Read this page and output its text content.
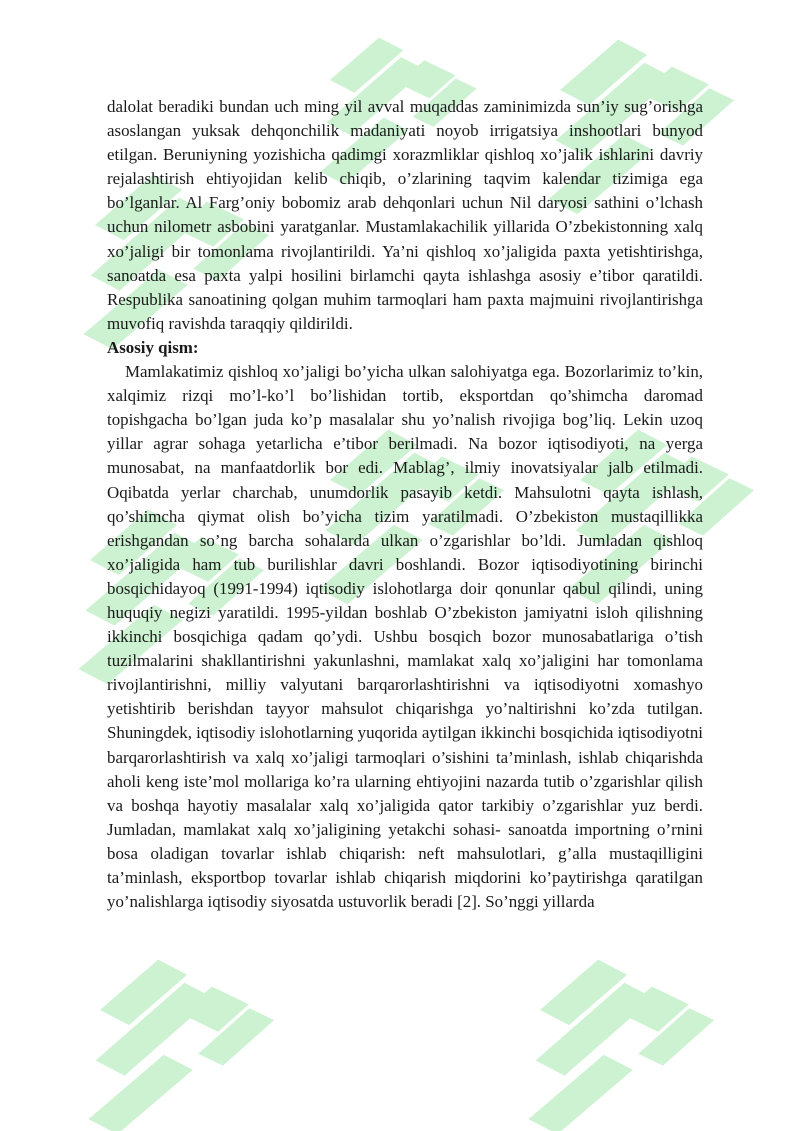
dalolat beradiki bundan uch ming yil avval muqaddas zaminimizda sun’iy sug’orishga asoslangan yuksak dehqonchilik madaniyati noyob irrigatsiya inshootlari bunyod etilgan. Beruniyning yozishicha qadimgi xorazmliklar qishloq xo’jalik ishlarini davriy rejalashtirish ehtiyojidan kelib chiqib, o’zlarining taqvim kalendar tizimiga ega bo’lganlar. Al Farg’oniy bobomiz arab dehqonlari uchun Nil daryosi sathini o’lchash uchun nilometr asbobini yaratganlar. Mustamlakachilik yillarida O’zbekistonning xalq xo’jaligi bir tomonlama rivojlantirildi. Ya’ni qishloq xo’jaligida paxta yetishtirishga, sanoatda esa paxta yalpi hosilini birlamchi qayta ishlashga asosiy e’tibor qaratildi. Respublika sanoatining qolgan muhim tarmoqlari ham paxta majmuini rivojlantirishga muvofiq ravishda taraqqiy qildirildi.

Asosiy qism:

Mamlakatimiz qishloq xo’jaligi bo’yicha ulkan salohiyatga ega. Bozorlarimiz to’kin, xalqimiz rizqi mo’l-ko’l bo’lishidan tortib, eksportdan qo’shimcha daromad topishgacha bo’lgan juda ko’p masalalar shu yo’nalish rivojiga bog’liq. Lekin uzoq yillar agrar sohaga yetarlicha e’tibor berilmadi. Na bozor iqtisodiyoti, na yerga munosabat, na manfaatdorlik bor edi. Mablag’, ilmiy inovatsiyalar jalb etilmadi. Oqibatda yerlar charchab, unumdorlik pasayib ketdi. Mahsulotni qayta ishlash, qo’shimcha qiymat olish bo’yicha tizim yaratilmadi. O’zbekiston mustaqillikka erishgandan so’ng barcha sohalarda ulkan o’zgarishlar bo’ldi. Jumladan qishloq xo’jaligida ham tub burilishlar davri boshlandi. Bozor iqtisodiyotining birinchi bosqichidayoq (1991-1994) iqtisodiy islohotlarga doir qonunlar qabul qilindi, uning huquqiy negizi yaratildi. 1995-yildan boshlab O’zbekiston jamiyatni isloh qilishning ikkinchi bosqichiga qadam qo’ydi. Ushbu bosqich bozor munosabatlariga o’tish tuzilmalarini shakllantirishni yakunlashni, mamlakat xalq xo’jaligini har tomonlama rivojlantirishni, milliy valyutani barqarorlashtirishni va iqtisodiyotni xomashyo yetishtirib berishdan tayyor mahsulot chiqarishga yo’naltirishni ko’zda tutilgan. Shuningdek, iqtisodiy islohotlarning yuqorida aytilgan ikkinchi bosqichida iqtisodiyotni barqarorlashtirish va xalq xo’jaligi tarmoqlari o’sishini ta’minlash, ishlab chiqarishda aholi keng iste’mol mollariga ko’ra ularning ehtiyojini nazarda tutib o’zgarishlar qilish va boshqa hayotiy masalalar xalq xo’jaligida qator tarkibiy o’zgarishlar yuz berdi. Jumladan, mamlakat xalq xo’jaligining yetakchi sohasi- sanoatda importning o’rnini bosa oladigan tovarlar ishlab chiqarish: neft mahsulotlari, g’alla mustaqilligini ta’minlash, eksportbop tovarlar ishlab chiqarish miqdorini ko’paytirishga qaratilgan yo’nalishlarga iqtisodiy siyosatda ustuvorlik beradi [2]. So’nggi yillarda
